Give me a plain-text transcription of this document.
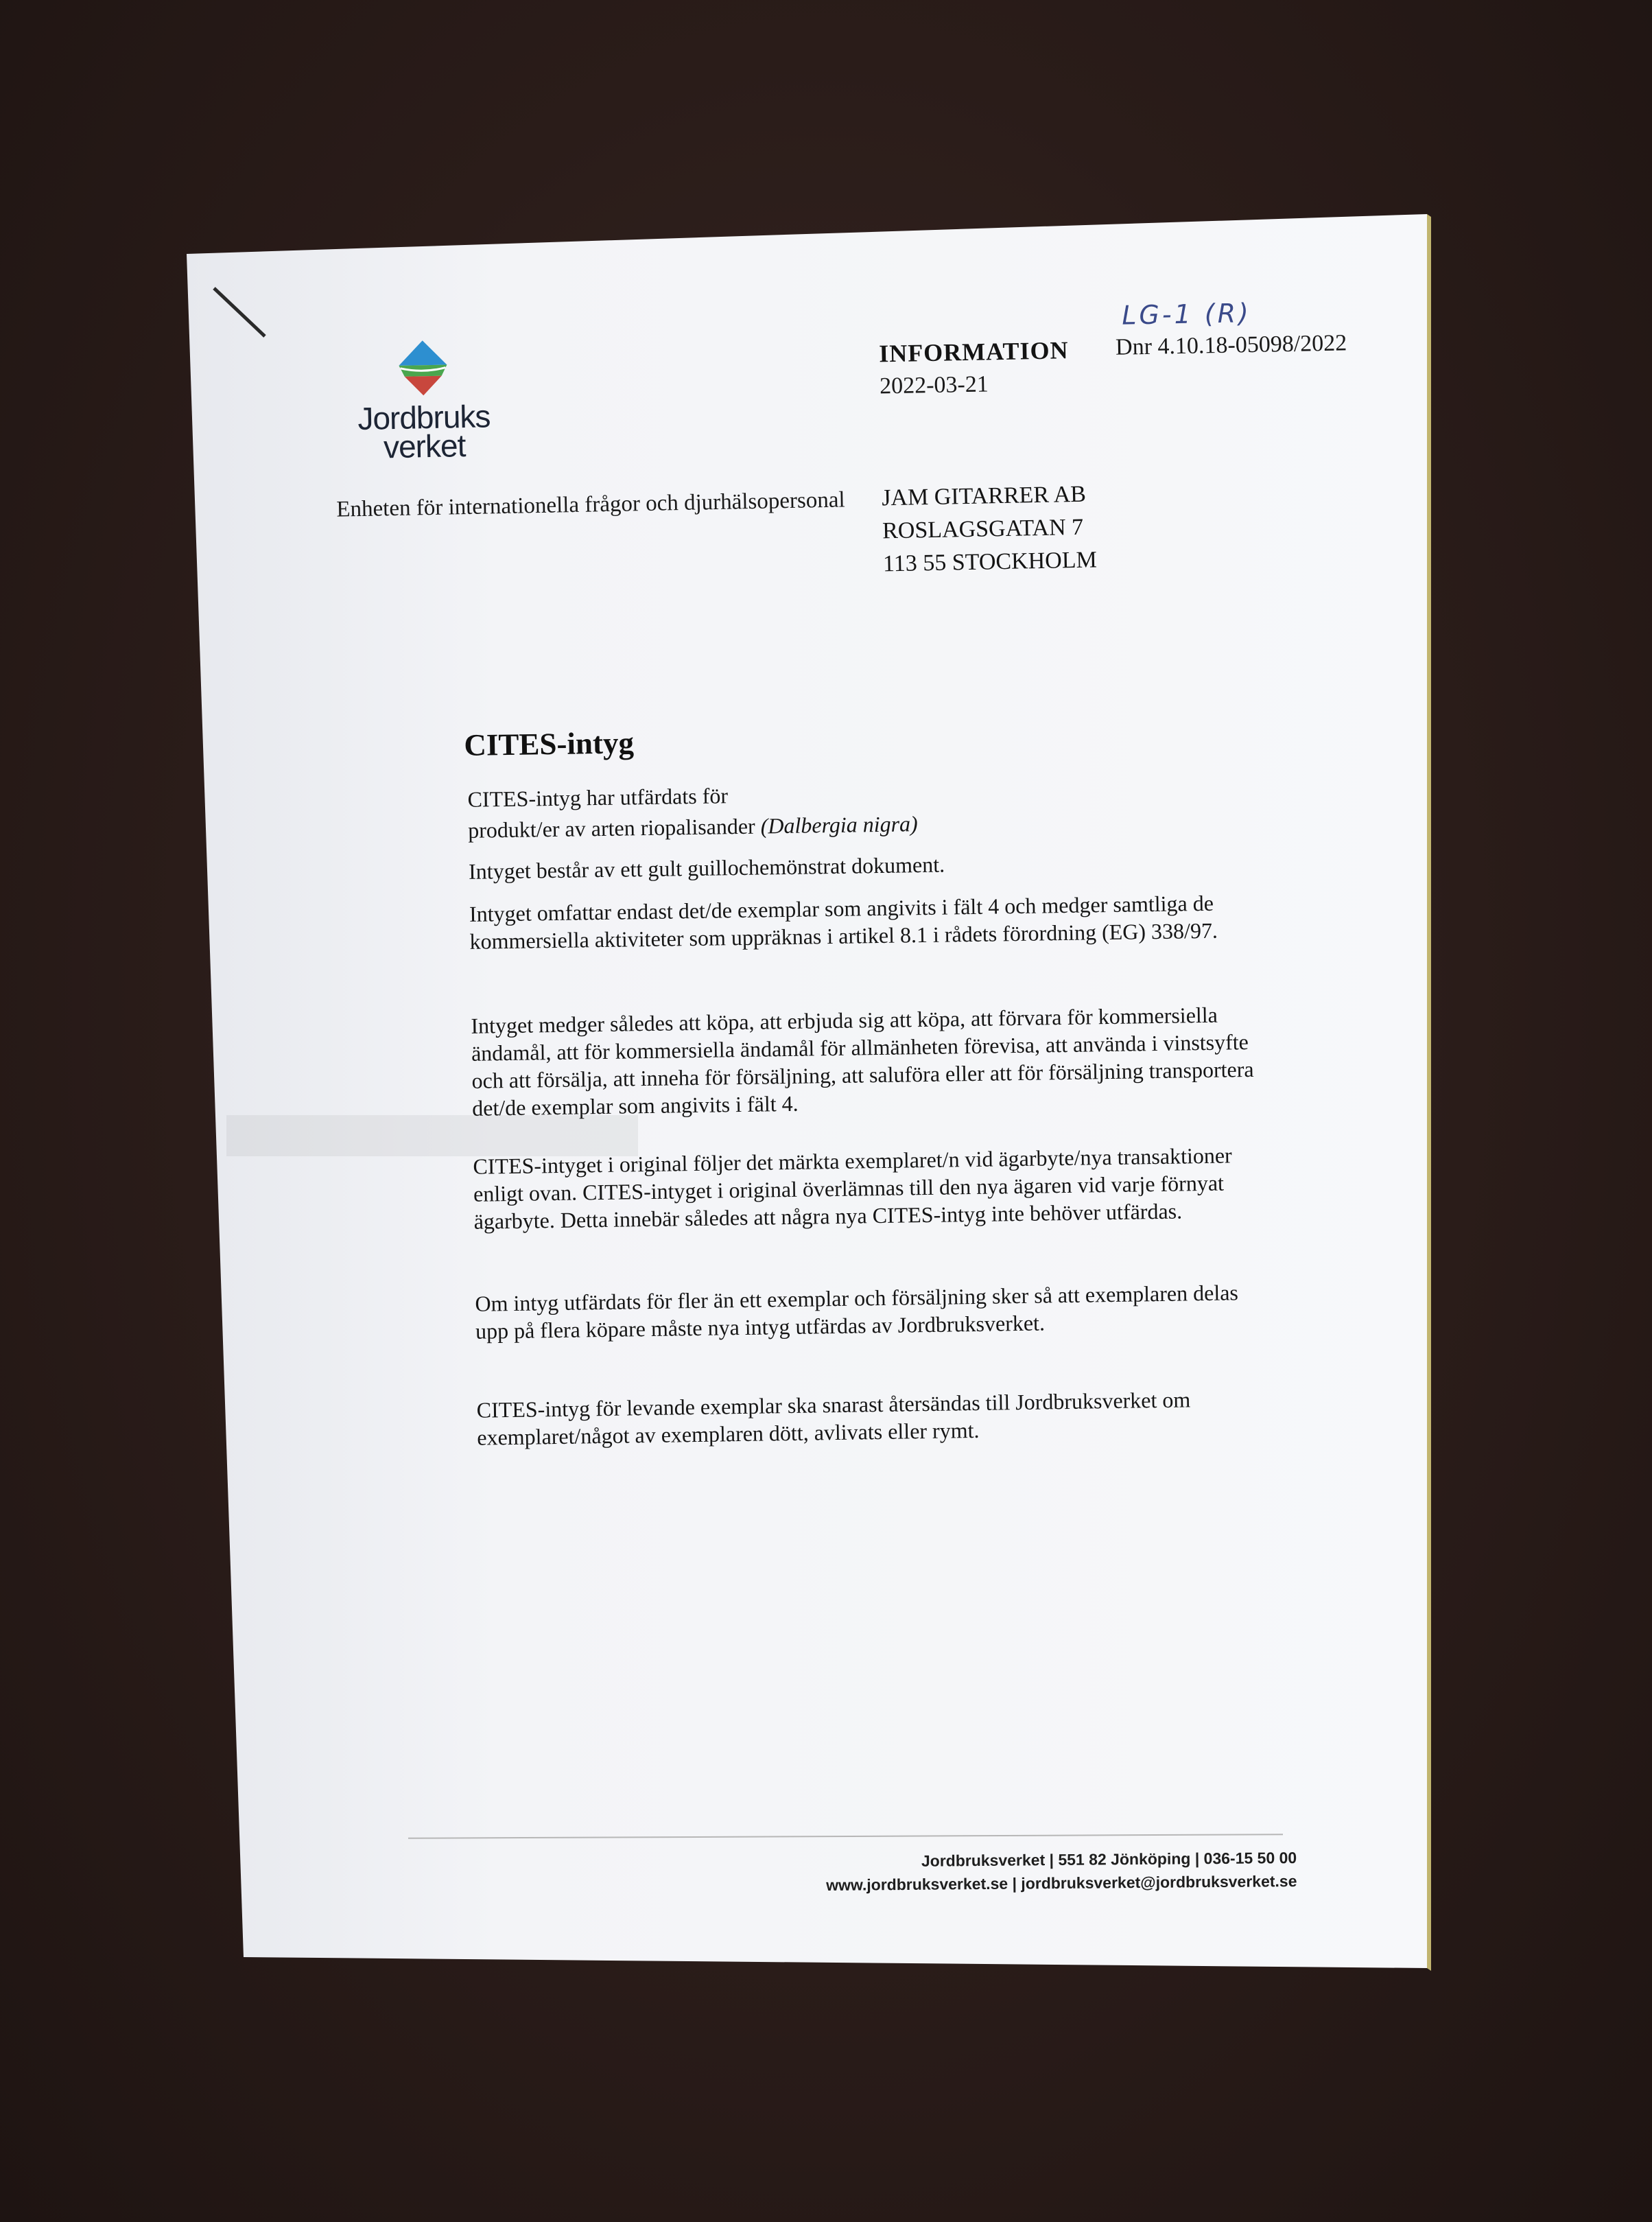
Jordbruks
verket
LG-1 (R)
INFORMATION
2022-03-21
Dnr 4.10.18-05098/2022
Enheten för internationella frågor och djurhälsopersonal JAM GITARRER AB
ROSLAGSGATAN 7
113 55 STOCKHOLM
CITES-intyg
CITES-intyg har utfärdats för
produkt/er av arten riopalisander (Dalbergia nigra)
Intyget består av ett gult guillochemönstrat dokument.
Intyget omfattar endast det/de exemplar som angivits i fält 4 och medger samtliga de kommersiella aktiviteter som uppräknas i artikel 8.1 i rådets förordning (EG) 338/97.
Intyget medger således att köpa, att erbjuda sig att köpa, att förvara för kommersiella ändamål, att för kommersiella ändamål för allmänheten förevisa, att använda i vinstsyfte och att försälja, att inneha för försäljning, att saluföra eller att för försäljning transportera det/de exemplar som angivits i fält 4.
CITES-intyget i original följer det märkta exemplaret/n vid ägarbyte/nya transaktioner enligt ovan. CITES-intyget i original överlämnas till den nya ägaren vid varje förnyat ägarbyte. Detta innebär således att några nya CITES-intyg inte behöver utfärdas.
Om intyg utfärdats för fler än ett exemplar och försäljning sker så att exemplaren delas upp på flera köpare måste nya intyg utfärdas av Jordbruksverket.
CITES-intyg för levande exemplar ska snarast återsändas till Jordbruksverket om exemplaret/något av exemplaren dött, avlivats eller rymt.
Jordbruksverket | 551 82 Jönköping | 036-15 50 00
www.jordbruksverket.se | jordbruksverket@jordbruksverket.se
